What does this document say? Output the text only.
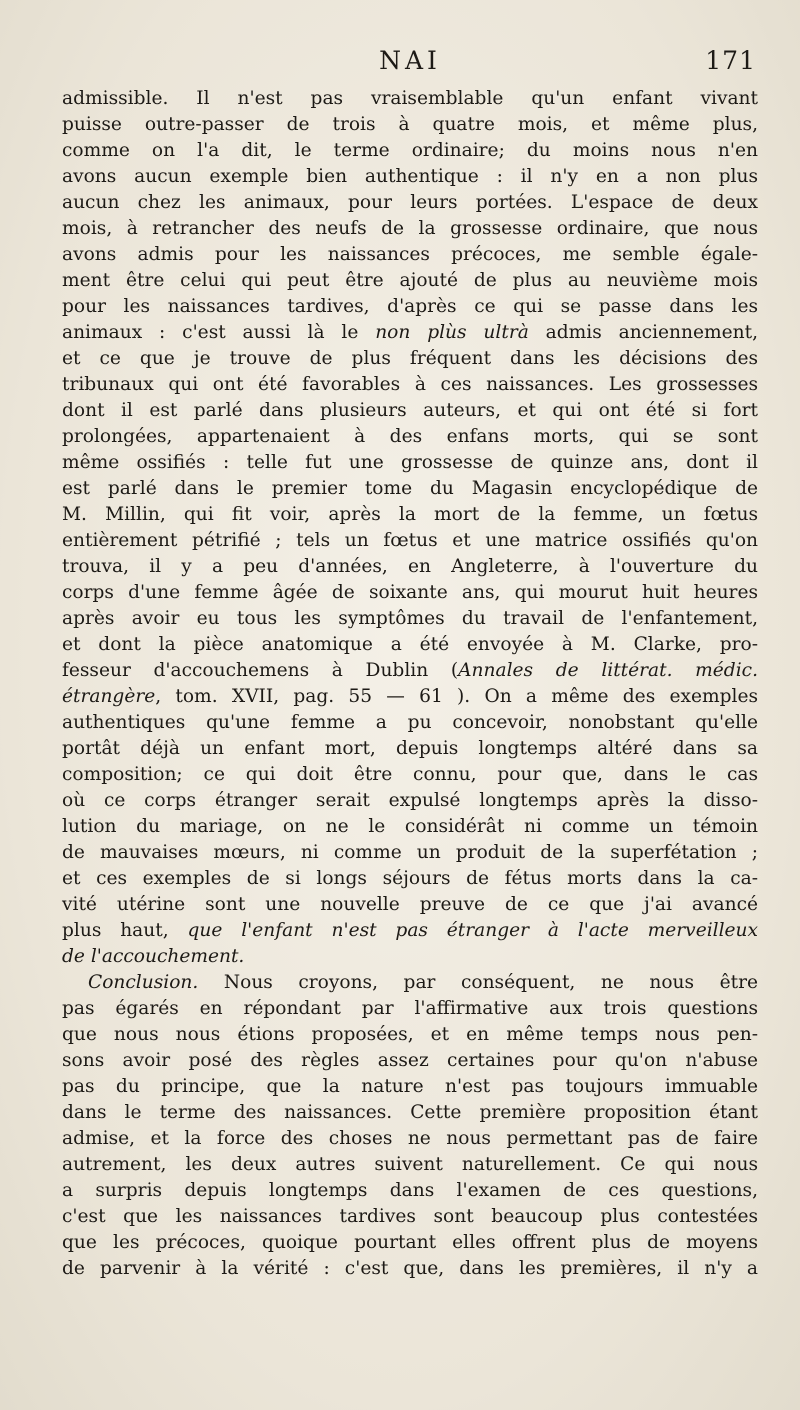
NAI	171
admissible. Il n'est pas vraisemblable qu'un enfant vivant
puisse outre-passer de trois à quatre mois, et même plus,
comme on l'a dit, le terme ordinaire; du moins nous n'en
avons aucun exemple bien authentique : il n'y en a non plus
aucun chez les animaux, pour leurs portées. L'espace de deux
mois, à retrancher des neufs de la grossesse ordinaire, que nous
avons admis pour les naissances précoces, me semble égale-
ment être celui qui peut être ajouté de plus au neuvième mois
pour les naissances tardives, d'après ce qui se passe dans les
animaux : c'est aussi là le non plùs ultrà admis anciennement,
et ce que je trouve de plus fréquent dans les décisions des
tribunaux qui ont été favorables à ces naissances. Les grossesses
dont il est parlé dans plusieurs auteurs, et qui ont été si fort
prolongées, appartenaient à des enfans morts, qui se sont
même ossifiés : telle fut une grossesse de quinze ans, dont il
est parlé dans le premier tome du Magasin encyclopédique de
M. Millin, qui fit voir, après la mort de la femme, un fœtus
entièrement pétrifié ; tels un fœtus et une matrice ossifiés qu'on
trouva, il y a peu d'années, en Angleterre, à l'ouverture du
corps d'une femme âgée de soixante ans, qui mourut huit heures
après avoir eu tous les symptômes du travail de l'enfantement,
et dont la pièce anatomique a été envoyée à M. Clarke, pro-
fesseur d'accouchemens à Dublin (Annales de littérat. médic.
étrangère, tom. XVII, pag. 55 — 61 ). On a même des exemples
authentiques qu'une femme a pu concevoir, nonobstant qu'elle
portât déjà un enfant mort, depuis longtemps altéré dans sa
composition; ce qui doit être connu, pour que, dans le cas
où ce corps étranger serait expulsé longtemps après la disso-
lution du mariage, on ne le considérât ni comme un témoin
de mauvaises mœurs, ni comme un produit de la superfétation ;
et ces exemples de si longs séjours de fétus morts dans la ca-
vité utérine sont une nouvelle preuve de ce que j'ai avancé
plus haut, que l'enfant n'est pas étranger à l'acte merveilleux
de l'accouchement.
Conclusion. Nous croyons, par conséquent, ne nous être
pas égarés en répondant par l'affirmative aux trois questions
que nous nous étions proposées, et en même temps nous pen-
sons avoir posé des règles assez certaines pour qu'on n'abuse
pas du principe, que la nature n'est pas toujours immuable
dans le terme des naissances. Cette première proposition étant
admise, et la force des choses ne nous permettant pas de faire
autrement, les deux autres suivent naturellement. Ce qui nous
a surpris depuis longtemps dans l'examen de ces questions,
c'est que les naissances tardives sont beaucoup plus contestées
que les précoces, quoique pourtant elles offrent plus de moyens
de parvenir à la vérité : c'est que, dans les premières, il n'y a
